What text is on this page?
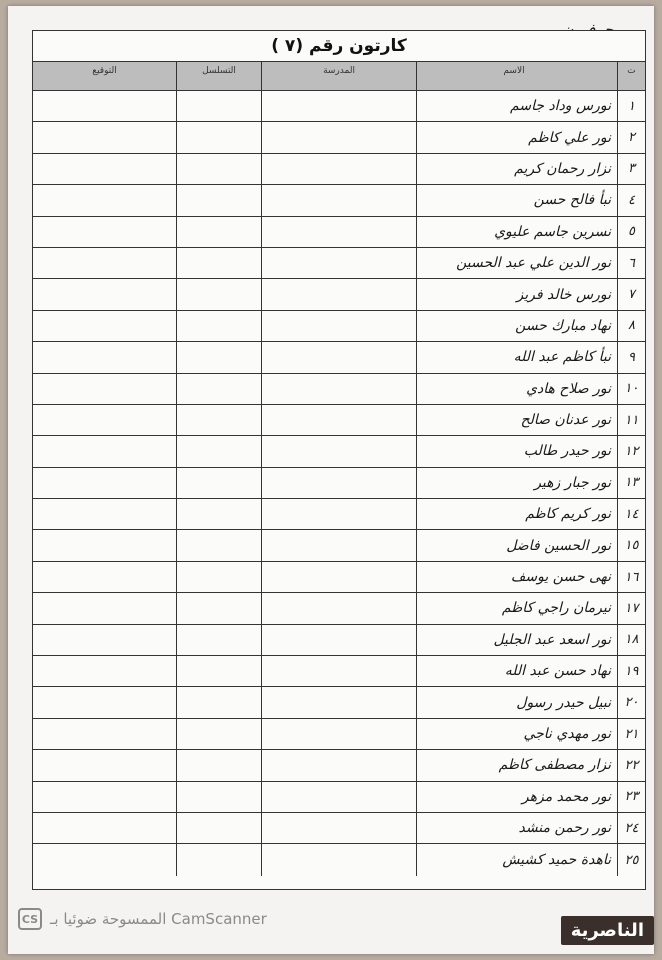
كارتون رقم (٧ )
ت
الاسم
المدرسة
التسلسل
التوقيع
١
نورس وداد جاسم
٢
نور علي كاظم
٣
نزار رحمان كريم
٤
نبأ فالح حسن
٥
نسرين جاسم عليوي
٦
نور الدين علي عبد الحسين
٧
نورس خالد فريز
٨
نهاد مبارك حسن
٩
نبأ كاظم عبد الله
١٠
نور صلاح هادي
١١
نور عدنان صالح
١٢
نور حيدر طالب
١٣
نور جبار زهير
١٤
نور كريم كاظم
١٥
نور الحسين فاضل
١٦
نهى حسن يوسف
١٧
نيرمان راجي كاظم
١٨
نور اسعد عبد الجليل
١٩
نهاد حسن عبد الله
٢٠
نبيل حيدر رسول
٢١
نور مهدي ناجي
٢٢
نزار مصطفى كاظم
٢٣
نور محمد مزهر
٢٤
نور رحمن منشد
٢٥
ناهدة حميد كشيش
CS الممسوحة ضوئيا بـ CamScanner
الناصرية
